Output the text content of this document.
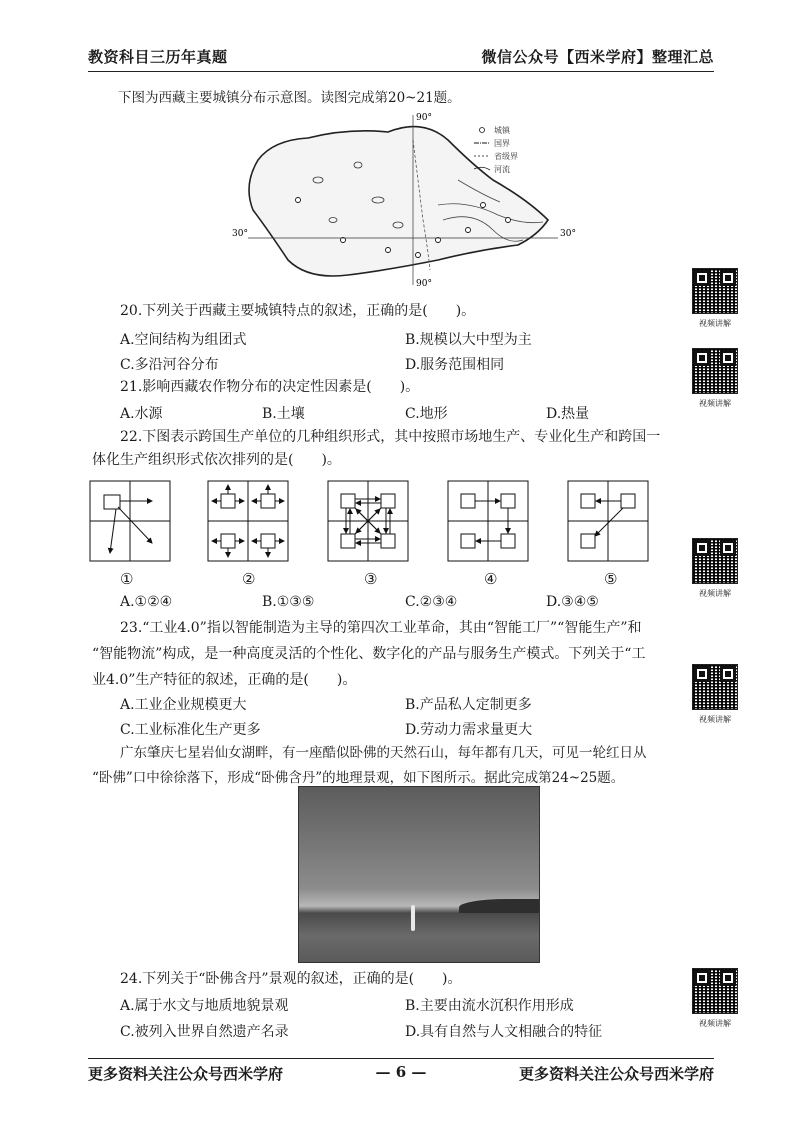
教资科目三历年真题	微信公众号【西米学府】整理汇总
下图为西藏主要城镇分布示意图。读图完成第20~21题。
90°
90°
30°	30°
城镇
国界
省级界
河流
视频讲解
视频讲解
视频讲解
视频讲解
视频讲解
20.下列关于西藏主要城镇特点的叙述，正确的是(　　)。
A.空间结构为组团式	B.规模以大中型为主
C.多沿河谷分布	D.服务范围相同
21.影响西藏农作物分布的决定性因素是(　　)。
A.水源	B.土壤	C.地形	D.热量
22.下图表示跨国生产单位的几种组织形式，其中按照市场地生产、专业化生产和跨国一
体化生产组织形式依次排列的是(　　)。
①	②	③	④	⑤
A.①②④	B.①③⑤	C.②③④	D.③④⑤
23.“工业4.0”指以智能制造为主导的第四次工业革命，其由“智能工厂”“智能生产”和
“智能物流”构成，是一种高度灵活的个性化、数字化的产品与服务生产模式。下列关于“工
业4.0”生产特征的叙述，正确的是(　　)。
A.工业企业规模更大	B.产品私人定制更多
C.工业标准化生产更多	D.劳动力需求量更大
广东肇庆七星岩仙女湖畔，有一座酷似卧佛的天然石山，每年都有几天，可见一轮红日从
“卧佛”口中徐徐落下，形成“卧佛含丹”的地理景观，如下图所示。据此完成第24~25题。
24.下列关于“卧佛含丹”景观的叙述，正确的是(　　)。
A.属于水文与地质地貌景观	B.主要由流水沉积作用形成
C.被列入世界自然遗产名录	D.具有自然与人文相融合的特征
更多资料关注公众号西米学府	— 6 —	更多资料关注公众号西米学府
